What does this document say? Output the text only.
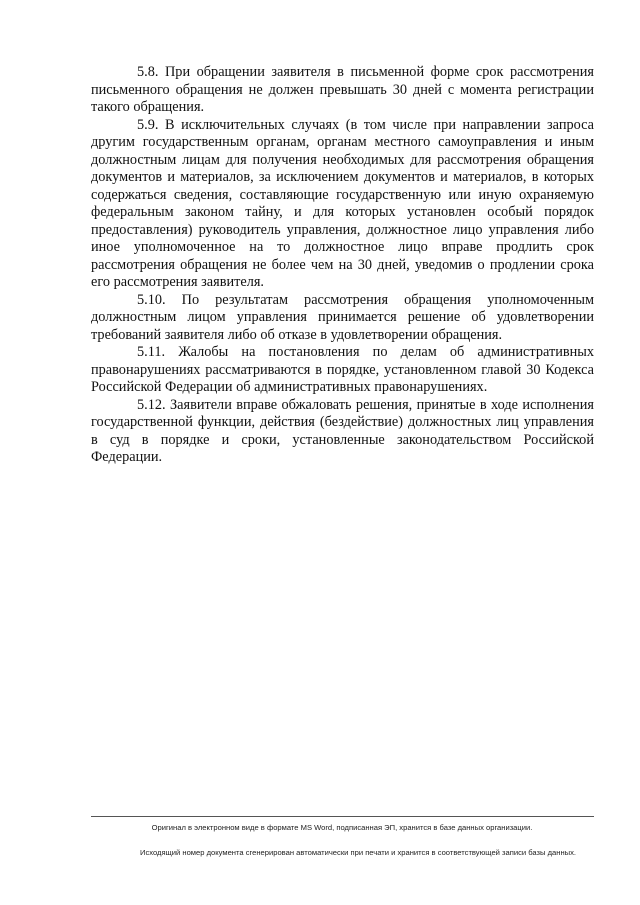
5.8. При обращении заявителя в письменной форме срок рассмотрения письменного обращения не должен превышать 30 дней с момента регистрации такого обращения.

5.9. В исключительных случаях (в том числе при направлении запроса другим государственным органам, органам местного самоуправления и иным должностным лицам для получения необходимых для рассмотрения обращения документов и материалов, за исключением документов и материалов, в которых содержаться сведения, составляющие государственную или иную охраняемую федеральным законом тайну, и для которых установлен особый порядок предоставления) руководитель управления, должностное лицо управления либо иное уполномоченное на то должностное лицо вправе продлить срок рассмотрения обращения не более чем на 30 дней, уведомив о продлении срока его рассмотрения заявителя.

5.10. По результатам рассмотрения обращения уполномоченным должностным лицом управления принимается решение об удовлетворении требований заявителя либо об отказе в удовлетворении обращения.

5.11. Жалобы на постановления по делам об административных правонарушениях рассматриваются в порядке, установленном главой 30 Кодекса Российской Федерации об административных правонарушениях.

5.12. Заявители вправе обжаловать решения, принятые в ходе исполнения государственной функции, действия (бездействие) должностных лиц управления в суд в порядке и сроки, установленные законодательством Российской Федерации.

Оригинал в электронном виде в формате MS Word, подписанная ЭП, хранится в базе данных организации.
Исходящий номер документа сгенерирован автоматически при печати и хранится в соответствующей записи базы данных.
